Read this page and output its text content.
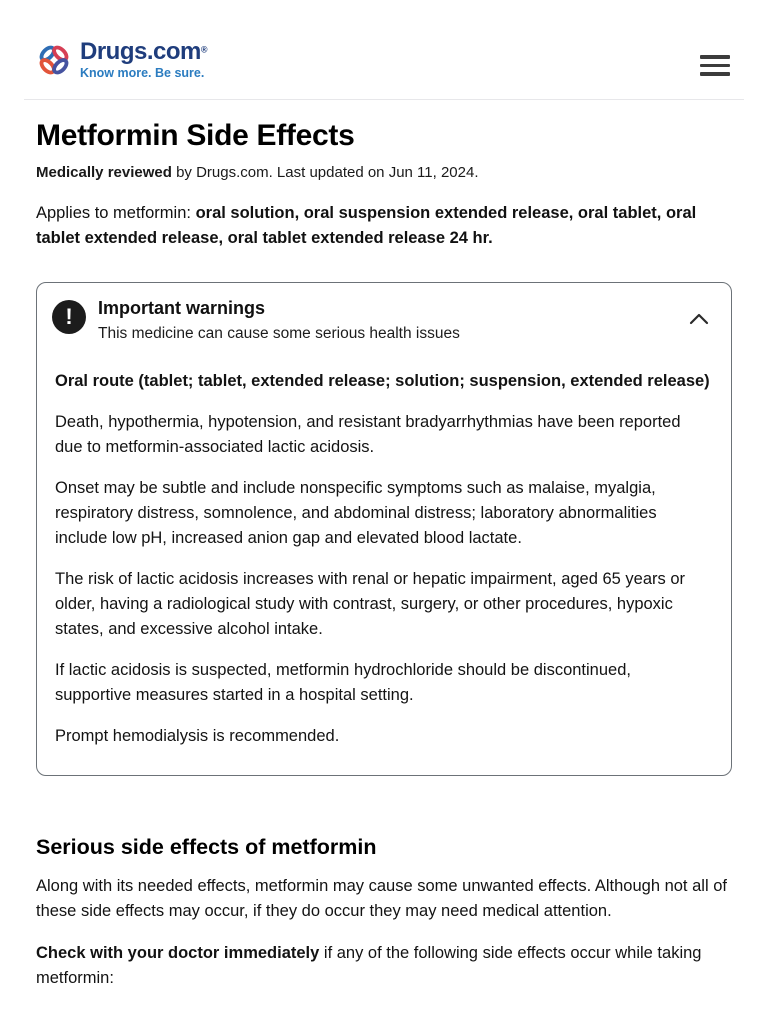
Drugs.com®
Know more. Be sure.
Metformin Side Effects

Medically reviewed by Drugs.com. Last updated on Jun 11, 2024.

Applies to metformin: oral solution, oral suspension extended release, oral tablet, oral tablet extended release, oral tablet extended release 24 hr.

! Important warnings
This medicine can cause some serious health issues

Oral route (tablet; tablet, extended release; solution; suspension, extended release)

Death, hypothermia, hypotension, and resistant bradyarrhythmias have been reported due to metformin-associated lactic acidosis.

Onset may be subtle and include nonspecific symptoms such as malaise, myalgia, respiratory distress, somnolence, and abdominal distress; laboratory abnormalities include low pH, increased anion gap and elevated blood lactate.

The risk of lactic acidosis increases with renal or hepatic impairment, aged 65 years or older, having a radiological study with contrast, surgery, or other procedures, hypoxic states, and excessive alcohol intake.

If lactic acidosis is suspected, metformin hydrochloride should be discontinued, supportive measures started in a hospital setting.

Prompt hemodialysis is recommended.

Serious side effects of metformin

Along with its needed effects, metformin may cause some unwanted effects. Although not all of these side effects may occur, if they do occur they may need medical attention.

Check with your doctor immediately if any of the following side effects occur while taking metformin:
